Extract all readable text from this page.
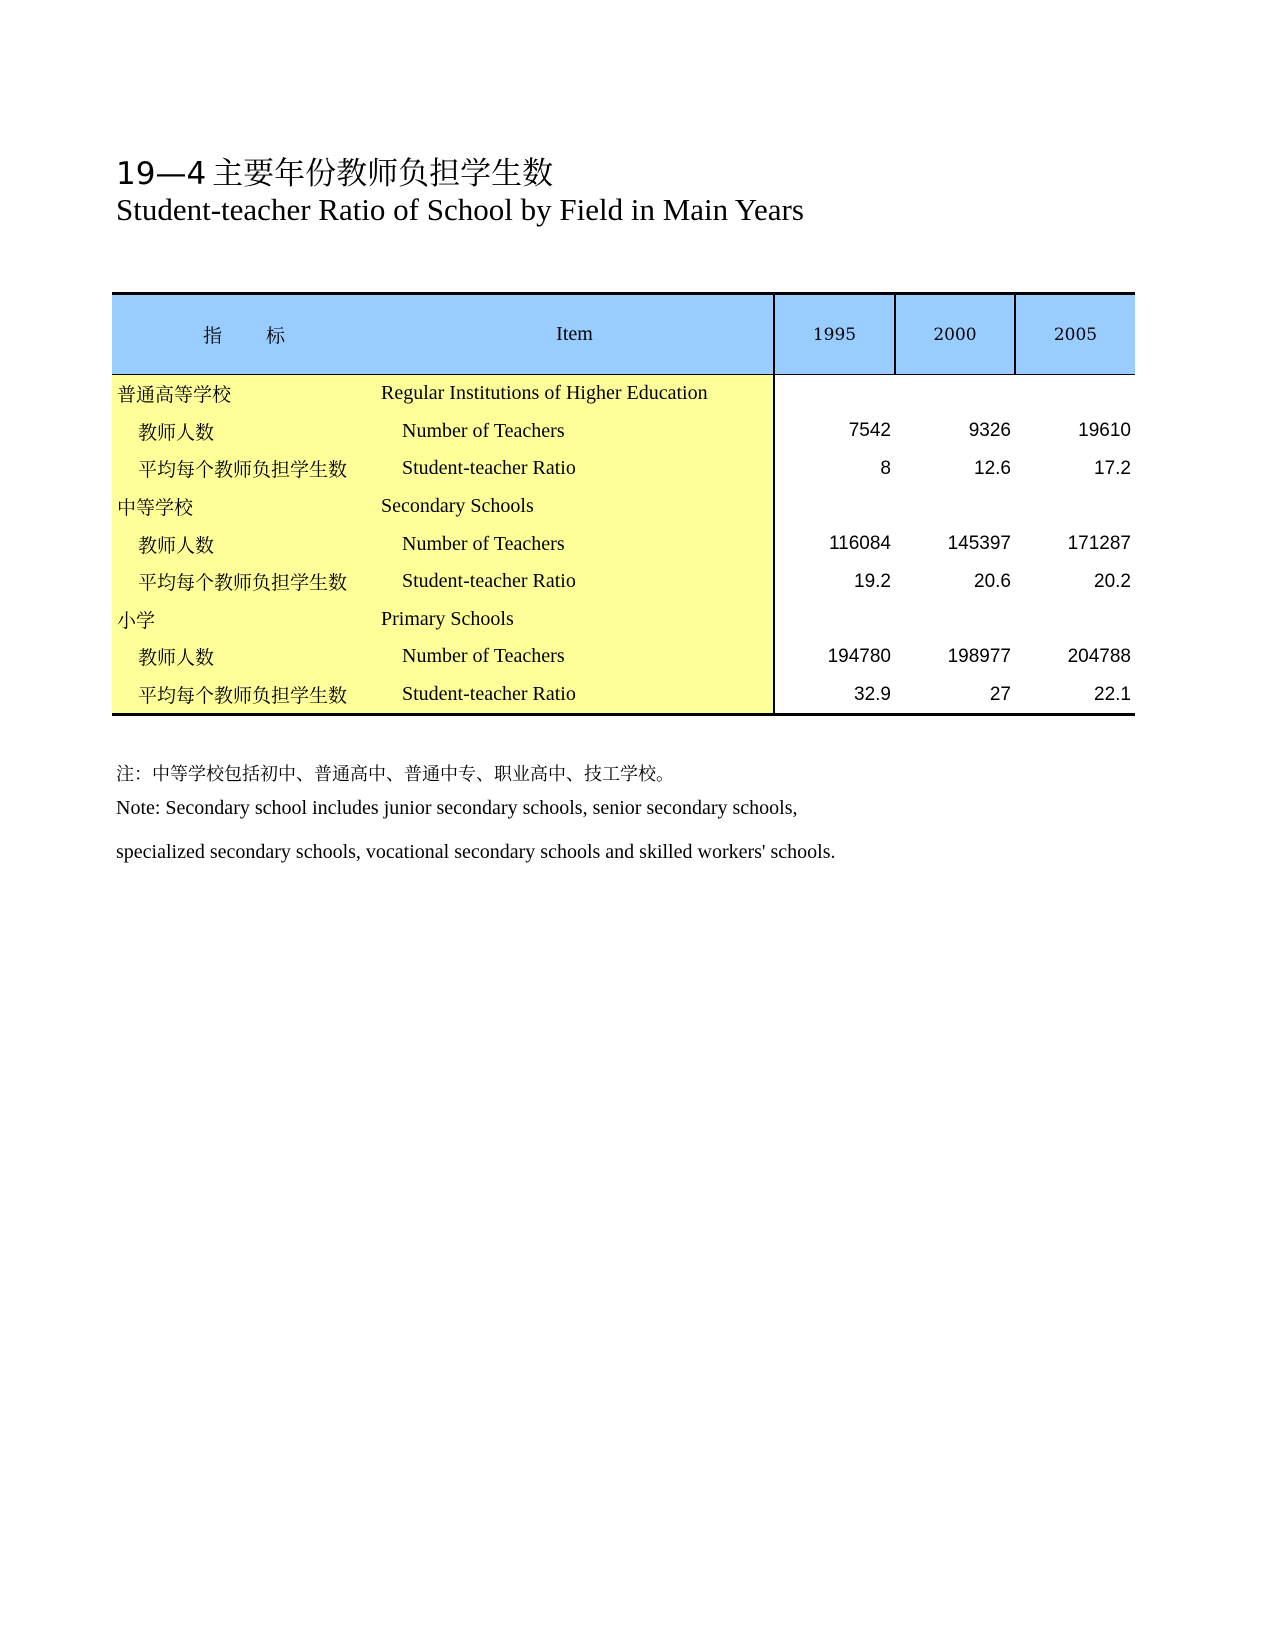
19—4 主要年份教师负担学生数
Student-teacher Ratio of School by Field in Main Years
指 标	Item	1995	2000	2005
普通高等学校	Regular Institutions of Higher Education			
教师人数	Number of Teachers	7542	9326	19610
平均每个教师负担学生数	Student-teacher Ratio	8	12.6	17.2
中等学校	Secondary Schools			
教师人数	Number of Teachers	116084	145397	171287
平均每个教师负担学生数	Student-teacher Ratio	19.2	20.6	20.2
小学	Primary Schools			
教师人数	Number of Teachers	194780	198977	204788
平均每个教师负担学生数	Student-teacher Ratio	32.9	27	22.1
注：中等学校包括初中、普通高中、普通中专、职业高中、技工学校。
Note: Secondary school includes junior secondary schools, senior secondary schools,
specialized secondary schools, vocational secondary schools and skilled workers' schools.
